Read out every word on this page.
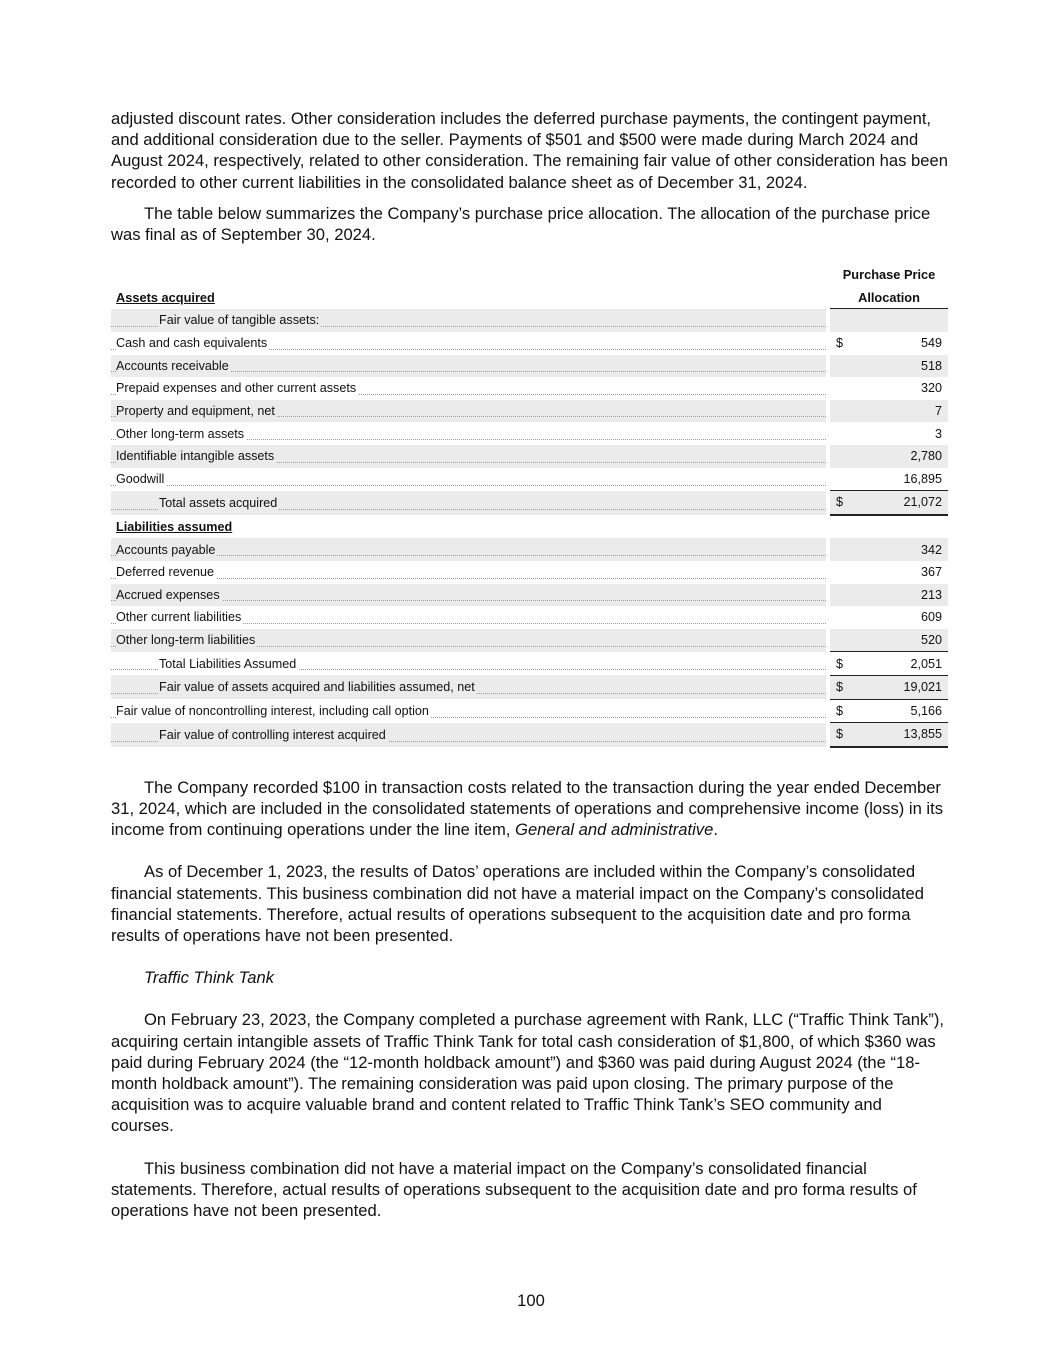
adjusted discount rates. Other consideration includes the deferred purchase payments, the contingent payment, and additional consideration due to the seller. Payments of $501 and $500 were made during March 2024 and August 2024, respectively, related to other consideration. The remaining fair value of other consideration has been recorded to other current liabilities in the consolidated balance sheet as of December 31, 2024.

The table below summarizes the Company’s purchase price allocation. The allocation of the purchase price was final as of September 30, 2024.

		Purchase Price	
Assets acquired		Allocation	

Fair value of tangible assets:			

Cash and cash equivalents		$	549

Accounts receivable			518

Prepaid expenses and other current assets			320

Property and equipment, net			7

Other long-term assets			3

Identifiable intangible assets			2,780

Goodwill			16,895

Total assets acquired		$	21,072
Liabilities assumed			

Accounts payable			342

Deferred revenue			367

Accrued expenses			213

Other current liabilities			609

Other long-term liabilities			520

Total Liabilities Assumed		$	2,051

Fair value of assets acquired and liabilities assumed, net		$	19,021

Fair value of noncontrolling interest, including call option		$	5,166

Fair value of controlling interest acquired		$	13,855

The Company recorded $100 in transaction costs related to the transaction during the year ended December 31, 2024, which are included in the consolidated statements of operations and comprehensive income (loss) in its income from continuing operations under the line item, General and administrative.

As of December 1, 2023, the results of Datos’ operations are included within the Company’s consolidated financial statements. This business combination did not have a material impact on the Company’s consolidated financial statements. Therefore, actual results of operations subsequent to the acquisition date and pro forma results of operations have not been presented.

Traffic Think Tank

On February 23, 2023, the Company completed a purchase agreement with Rank, LLC (“Traffic Think Tank”), acquiring certain intangible assets of Traffic Think Tank for total cash consideration of $1,800, of which $360 was paid during February 2024 (the “12-month holdback amount”) and $360 was paid during August 2024 (the “18-month holdback amount”). The remaining consideration was paid upon closing. The primary purpose of the acquisition was to acquire valuable brand and content related to Traffic Think Tank’s SEO community and courses.

This business combination did not have a material impact on the Company’s consolidated financial statements. Therefore, actual results of operations subsequent to the acquisition date and pro forma results of operations have not been presented.

100
